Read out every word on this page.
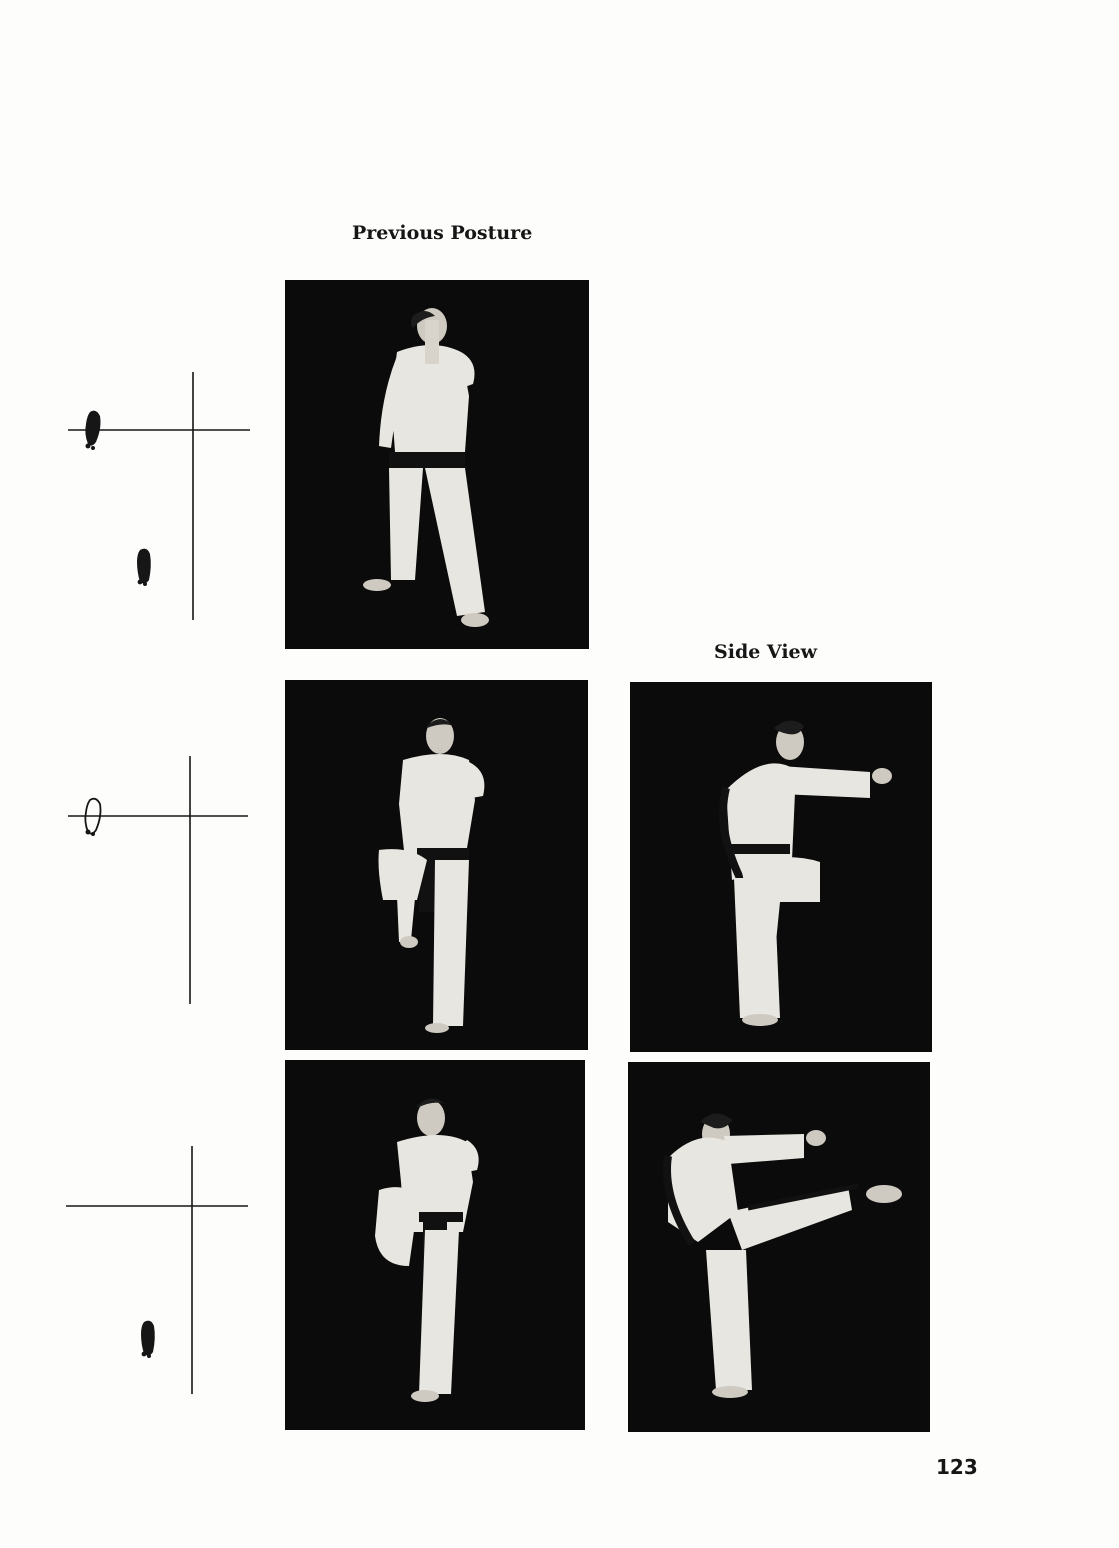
Previous Posture
Side View
123
